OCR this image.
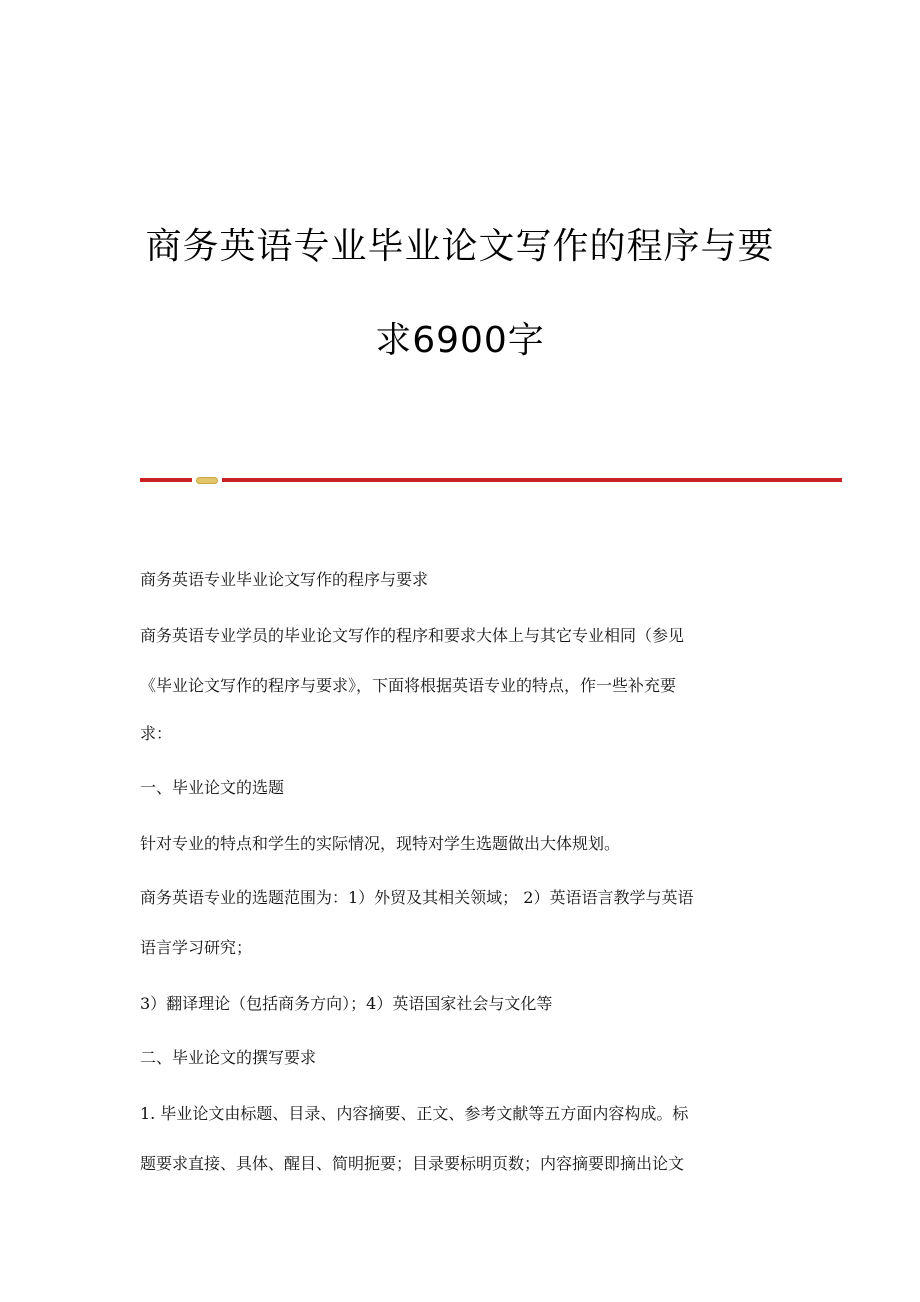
商务英语专业毕业论文写作的程序与要
求6900字

商务英语专业毕业论文写作的程序与要求

商务英语专业学员的毕业论文写作的程序和要求大体上与其它专业相同（参见

《毕业论文写作的程序与要求》，下面将根据英语专业的特点，作一些补充要

求：

一、毕业论文的选题

针对专业的特点和学生的实际情况，现特对学生选题做出大体规划。

商务英语专业的选题范围为：1）外贸及其相关领域； 2）英语语言教学与英语

语言学习研究；

3）翻译理论（包括商务方向）；4）英语国家社会与文化等

二、毕业论文的撰写要求

1. 毕业论文由标题、目录、内容摘要、正文、参考文献等五方面内容构成。标

题要求直接、具体、醒目、简明扼要；目录要标明页数；内容摘要即摘出论文
